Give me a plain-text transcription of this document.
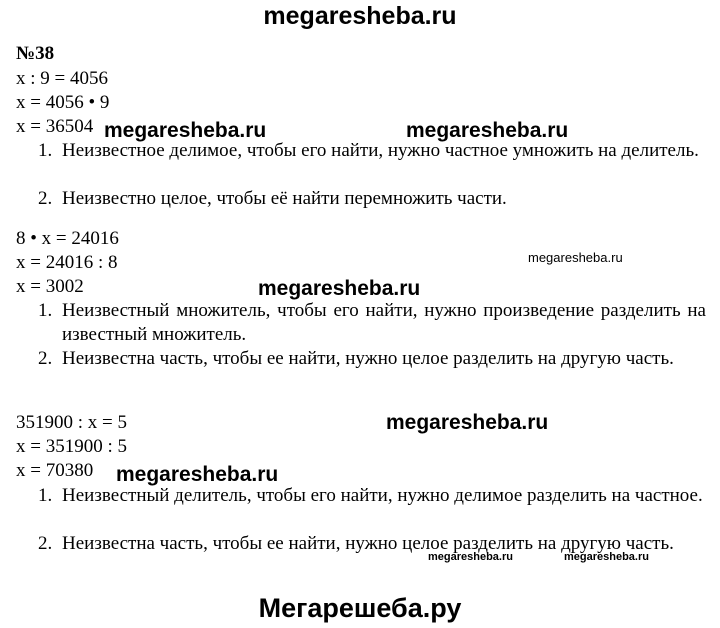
megaresheba.ru
№38
x : 9 = 4056
x = 4056 • 9
x = 36504
1. Неизвестное делимое, чтобы его найти, нужно частное умножить на делитель.
2. Неизвестно целое, чтобы её найти перемножить части.
8 • x = 24016
x = 24016 : 8
x = 3002
1. Неизвестный множитель, чтобы его найти, нужно произведение разделить на известный множитель.
2. Неизвестна часть, чтобы ее найти, нужно целое разделить на другую часть.
351900 : x = 5
x = 351900 : 5
x = 70380
1. Неизвестный делитель, чтобы его найти, нужно делимое разделить на частное.
2. Неизвестна часть, чтобы ее найти, нужно целое разделить на другую часть.
megaresheba.ru	megaresheba.ru
megaresheba.ru
megaresheba.ru
megaresheba.ru
megaresheba.ru
megaresheba.ru	megaresheba.ru
Мегарешеба.ру
